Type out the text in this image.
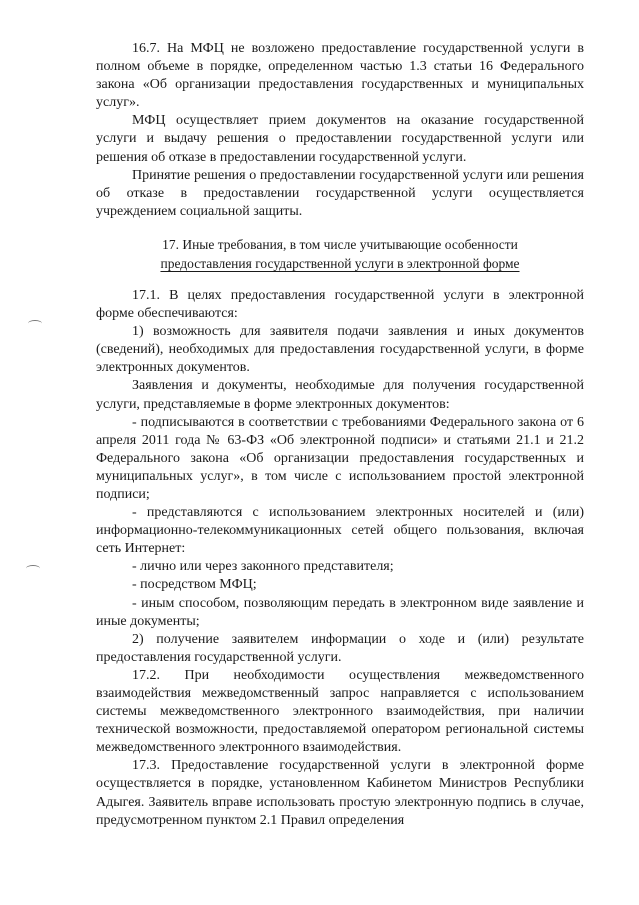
16.7. На МФЦ не возложено предоставление государственной услуги в полном объеме в порядке, определенном частью 1.3 статьи 16 Федерального закона «Об организации предоставления государственных и муниципальных услуг».

МФЦ осуществляет прием документов на оказание государственной услуги и выдачу решения о предоставлении государственной услуги или решения об отказе в предоставлении государственной услуги.

Принятие решения о предоставлении государственной услуги или решения об отказе в предоставлении государственной услуги осуществляется учреждением социальной защиты.

17. Иные требования, в том числе учитывающие особенности
предоставления государственной услуги в электронной форме

17.1. В целях предоставления государственной услуги в электронной форме обеспечиваются:

1) возможность для заявителя подачи заявления и иных документов (сведений), необходимых для предоставления государственной услуги, в форме электронных документов.

Заявления и документы, необходимые для получения государственной услуги, представляемые в форме электронных документов:

- подписываются в соответствии с требованиями Федерального закона от 6 апреля 2011 года № 63-ФЗ «Об электронной подписи» и статьями 21.1 и 21.2 Федерального закона «Об организации предоставления государственных и муниципальных услуг», в том числе с использованием простой электронной подписи;

- представляются с использованием электронных носителей и (или) информационно-телекоммуникационных сетей общего пользования, включая сеть Интернет:

- лично или через законного представителя;

- посредством МФЦ;

- иным способом, позволяющим передать в электронном виде заявление и иные документы;

2) получение заявителем информации о ходе и (или) результате предоставления государственной услуги.

17.2. При необходимости осуществления межведомственного взаимодействия межведомственный запрос направляется с использованием системы межведомственного электронного взаимодействия, при наличии технической возможности, предоставляемой оператором региональной системы межведомственного электронного взаимодействия.

17.3. Предоставление государственной услуги в электронной форме осуществляется в порядке, установленном Кабинетом Министров Республики Адыгея. Заявитель вправе использовать простую электронную подпись в случае, предусмотренном пунктом 2.1 Правил определения
